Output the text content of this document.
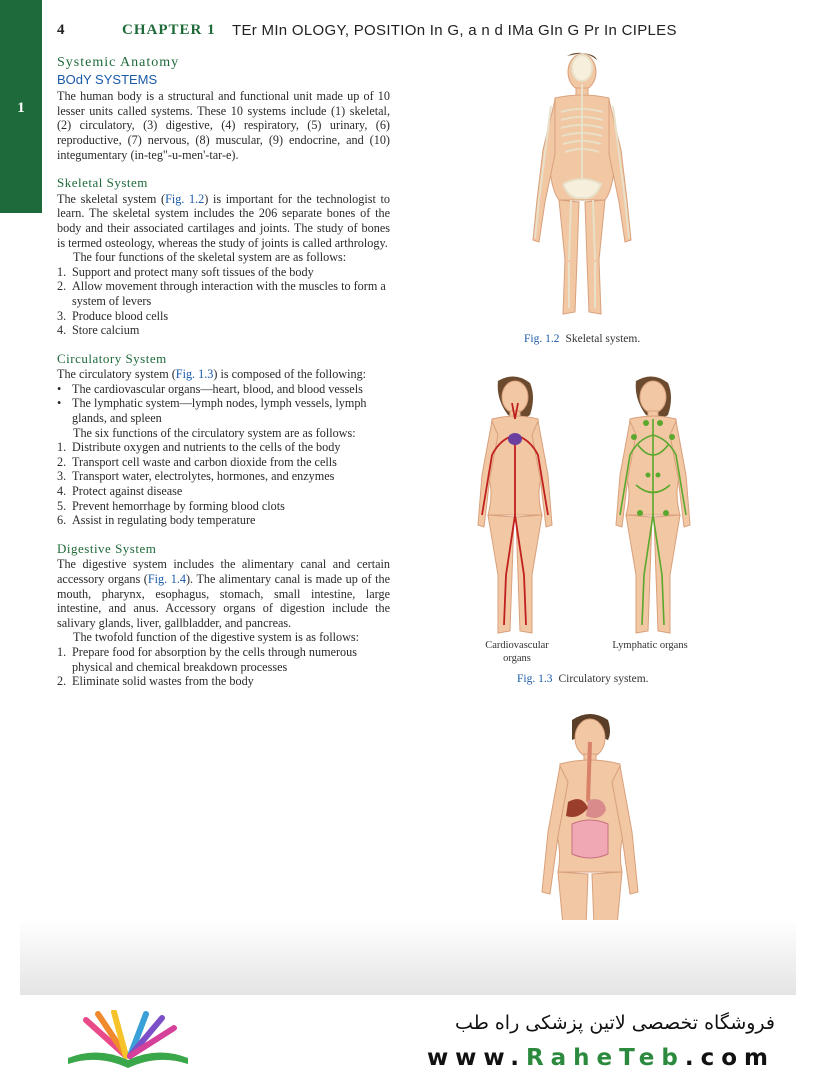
1
4	CHAPTER 1 TEr MIn OLOGY, POSITIOn In G, a n d IMa GIn G Pr In CIPLES
Systemic Anatomy
BOdY SYSTEMS

The human body is a structural and functional unit made up of 10 lesser units called systems. These 10 systems include (1) skeletal, (2) circulatory, (3) digestive, (4) respiratory, (5) urinary, (6) reproductive, (7) nervous, (8) muscular, (9) endocrine, and (10) integumentary (in-teg"-u-men'-tar-e).

Skeletal System

The skeletal system (Fig. 1.2) is important for the technologist to learn. The skeletal system includes the 206 separate bones of the body and their associated cartilages and joints. The study of bones is termed osteology, whereas the study of joints is called arthrology.

The four functions of the skeletal system are as follows:

1. Support and protect many soft tissues of the body
2. Allow movement through interaction with the muscles to form a system of levers
3. Produce blood cells
4. Store calcium
Circulatory System

The circulatory system (Fig. 1.3) is composed of the following:

• The cardiovascular organs—heart, blood, and blood vessels
• The lymphatic system—lymph nodes, lymph vessels, lymph glands, and spleen

The six functions of the circulatory system are as follows:

1. Distribute oxygen and nutrients to the cells of the body
2. Transport cell waste and carbon dioxide from the cells
3. Transport water, electrolytes, hormones, and enzymes
4. Protect against disease
5. Prevent hemorrhage by forming blood clots
6. Assist in regulating body temperature
Digestive System

The digestive system includes the alimentary canal and certain accessory organs (Fig. 1.4). The alimentary canal is made up of the mouth, pharynx, esophagus, stomach, small intestine, large intestine, and anus. Accessory organs of digestion include the salivary glands, liver, gallbladder, and pancreas.

The twofold function of the digestive system is as follows:

1. Prepare food for absorption by the cells through numerous physical and chemical breakdown processes
2. Eliminate solid wastes from the body
Fig. 1.2 Skeletal system.
Cardiovascular organs
Lymphatic organs
Fig. 1.3 Circulatory system.
فروشگاه تخصصی لاتین پزشکی راه طب
www.RaheTeb.com
